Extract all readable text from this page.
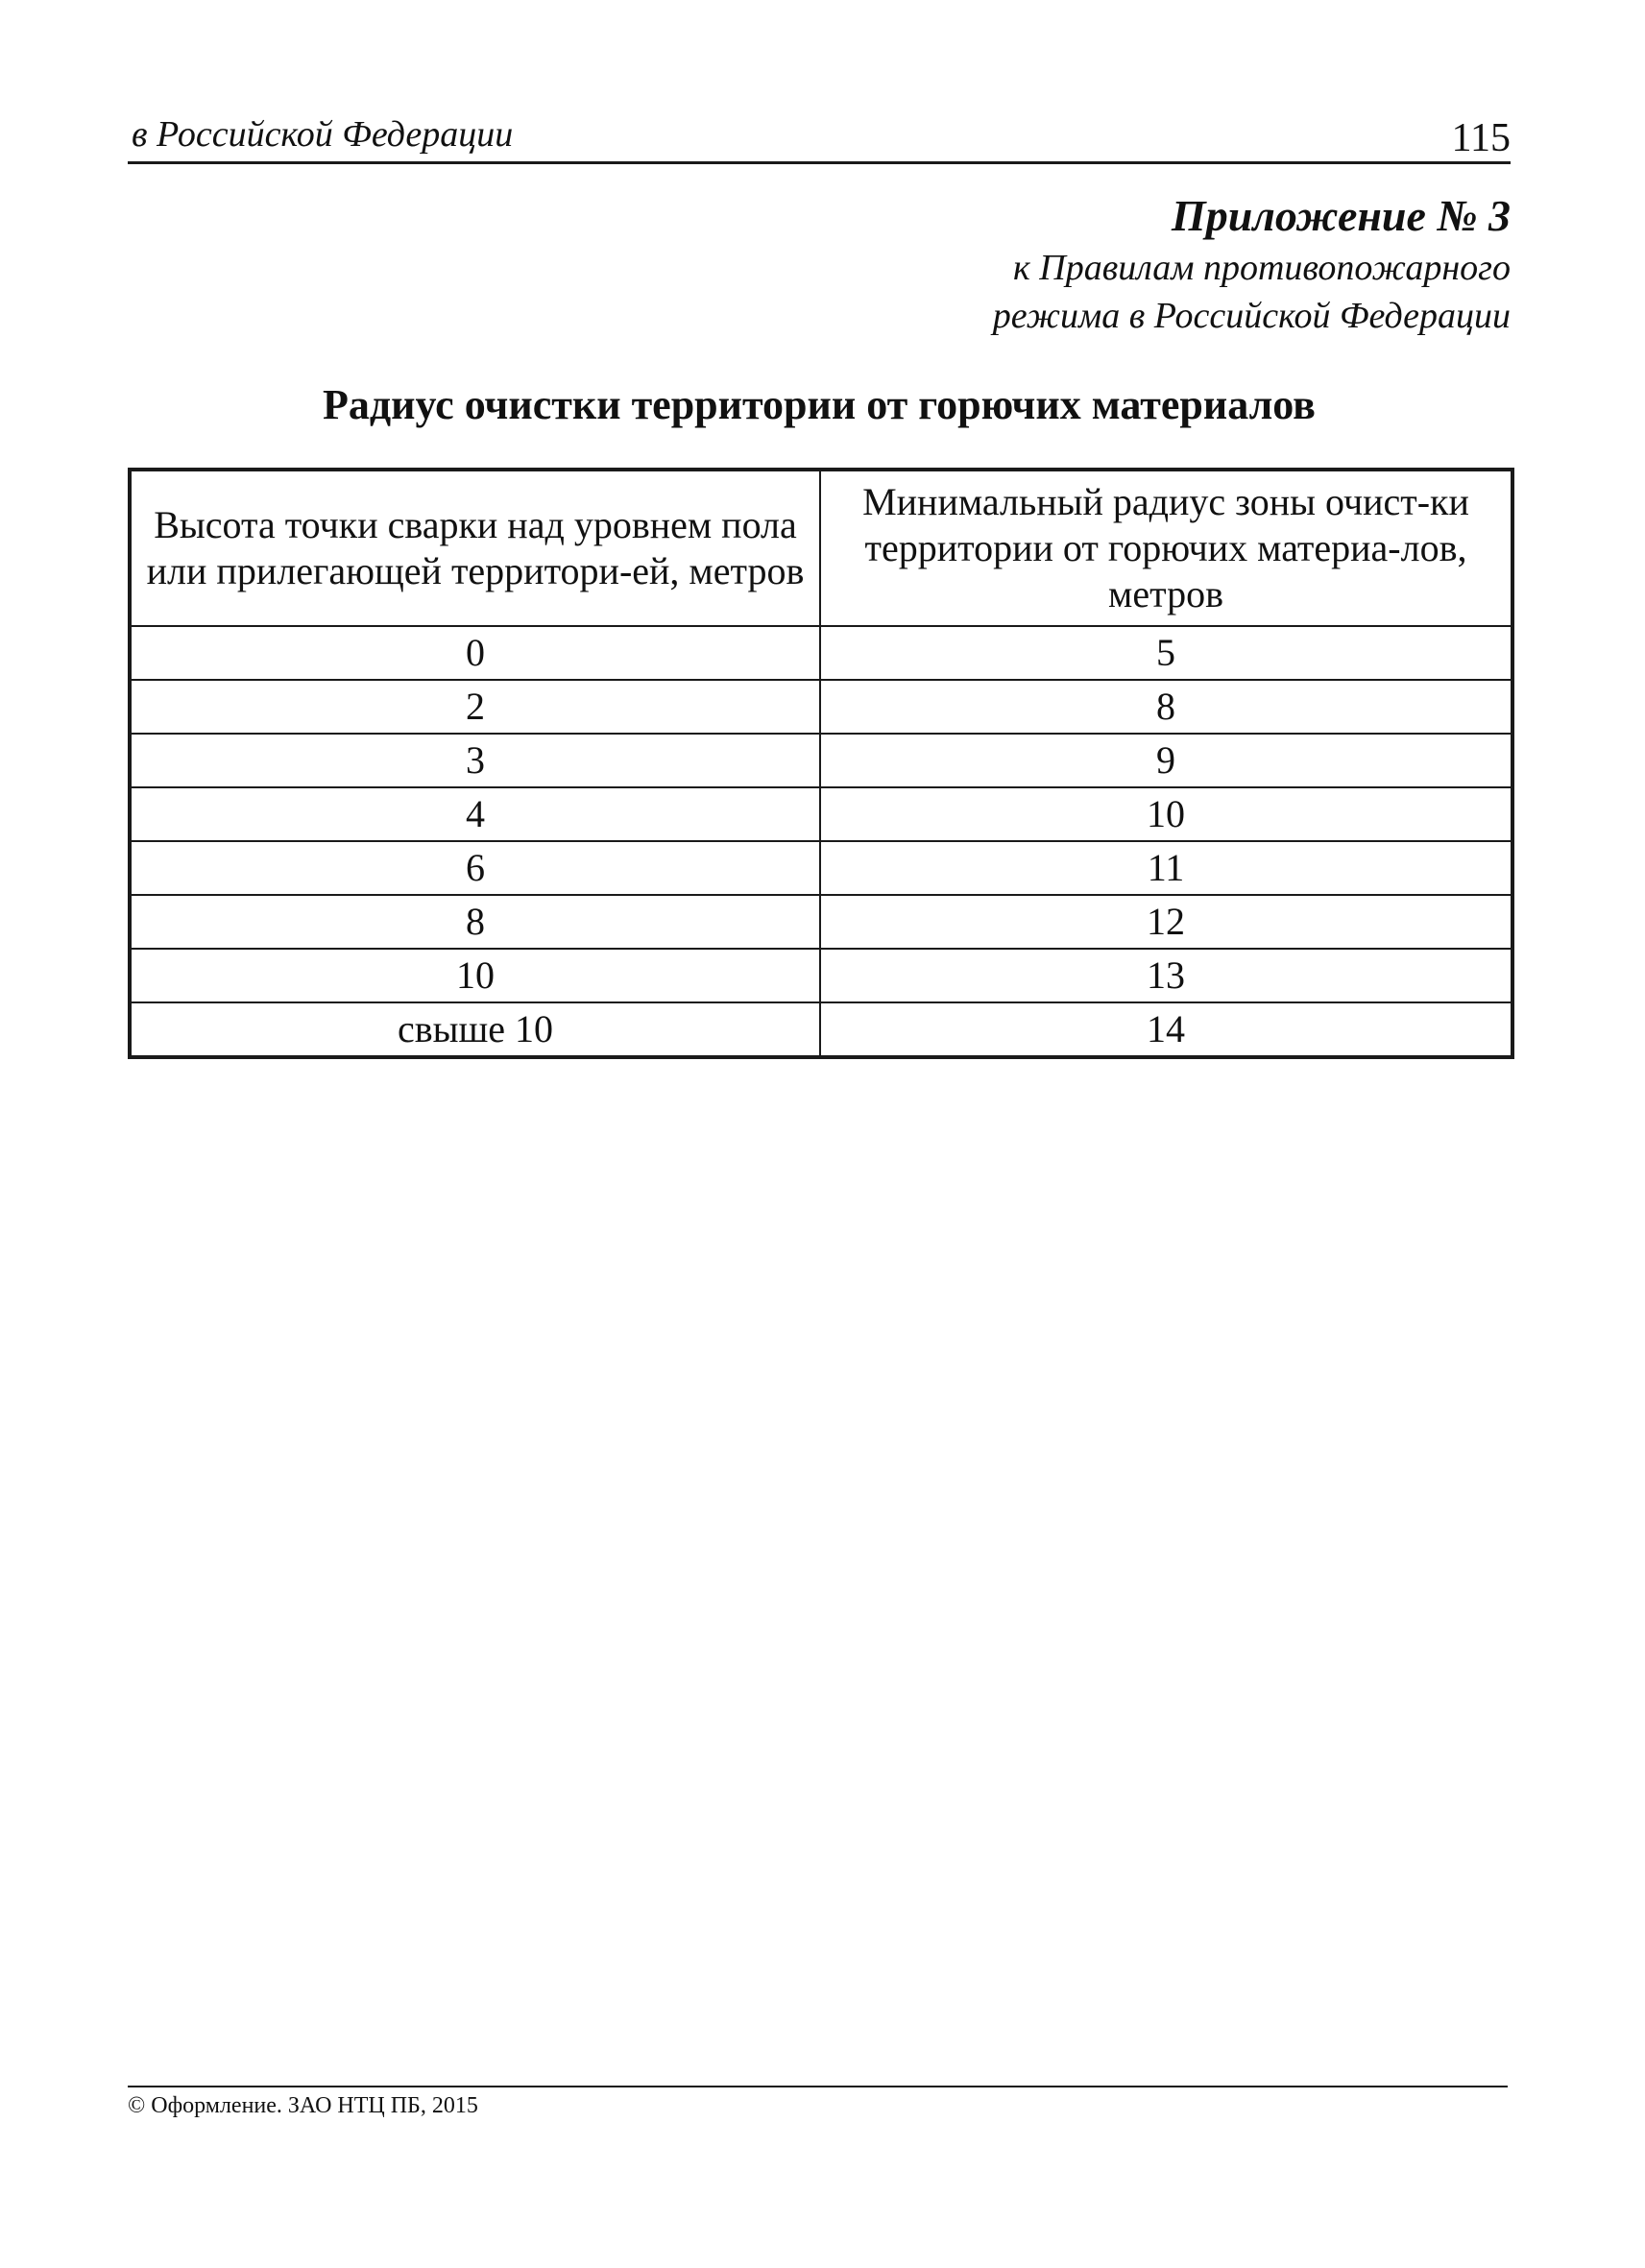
в Российской Федерации	115
Приложение № 3
к Правилам противопожарного
режима в Российской Федерации
Радиус очистки территории от горючих материалов
Высота точки сварки над уровнем пола или прилегающей территори-ей, метров	Минимальный радиус зоны очист-ки территории от горючих материа-лов, метров
0	5
2	8
3	9
4	10
6	11
8	12
10	13
свыше 10	14
© Оформление. ЗАО НТЦ ПБ, 2015
